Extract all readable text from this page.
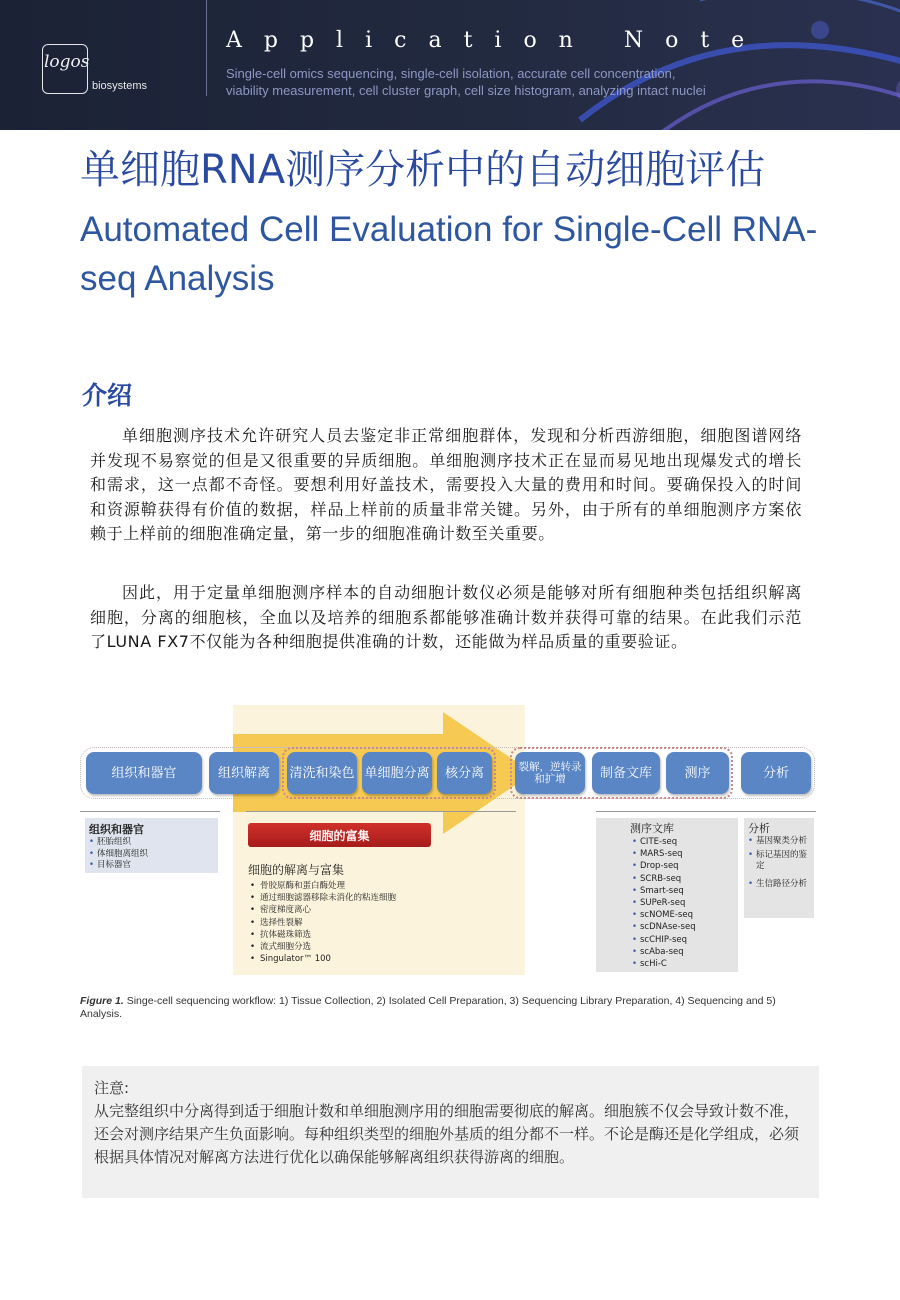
logos
biosystems
Application Note
Single-cell omics sequencing, single-cell isolation, accurate cell concentration,
viability measurement, cell cluster graph, cell size histogram, analyzing intact nuclei
单细胞RNA测序分析中的自动细胞评估
Automated Cell Evaluation for Single-Cell RNA-seq Analysis
介绍
单细胞测序技术允许研究人员去鉴定非正常细胞群体，发现和分析西游细胞，细胞图谱网络并发现不易察觉的但是又很重要的异质细胞。单细胞测序技术正在显而易见地出现爆发式的增长和需求，这一点都不奇怪。要想利用好盖技术，需要投入大量的费用和时间。要确保投入的时间和资源鞥获得有价值的数据，样品上样前的质量非常关键。另外，由于所有的单细胞测序方案依赖于上样前的细胞准确定量，第一步的细胞准确计数至关重要。
因此，用于定量单细胞测序样本的自动细胞计数仪必须是能够对所有细胞种类包括组织解离细胞，分离的细胞核，全血以及培养的细胞系都能够准确计数并获得可靠的结果。在此我们示范了LUNA FX7不仅能为各种细胞提供准确的计数，还能做为样品质量的重要验证。
组织和器官	组织解离	清洗和染色 单细胞分离	核分离	裂解，逆转录和扩增	制备文库	测序	分析
组织和器官
• 胚胎组织
• 体细胞离组织
• 目标器官
细胞的富集
细胞的解离与富集
• 骨胶原酶和蛋白酶处理
• 通过细胞滤器移除未消化的粘连细胞
• 密度梯度离心
• 选择性裂解
• 抗体磁珠筛选
• 流式细胞分选
• Singulator™ 100
测序文库
• CITE-seq
• MARS-seq
• Drop-seq
• SCRB-seq
• Smart-seq
• SUPeR-seq
• scNOME-seq
• scDNAse-seq
• scCHIP-seq
• scAba-seq
• scHi-C
分析
• 基因聚类分析
• 标记基因的鉴定
• 生信路径分析
Figure 1. Singe-cell sequencing workflow: 1) Tissue Collection, 2) Isolated Cell Preparation, 3) Sequencing Library Preparation, 4) Sequencing and 5) Analysis.
注意:
从完整组织中分离得到适于细胞计数和单细胞测序用的细胞需要彻底的解离。细胞簇不仅会导致计数不准，还会对测序结果产生负面影响。每种组织类型的细胞外基质的组分都不一样。不论是酶还是化学组成，必须根据具体情况对解离方法进行优化以确保能够解离组织获得游离的细胞。
